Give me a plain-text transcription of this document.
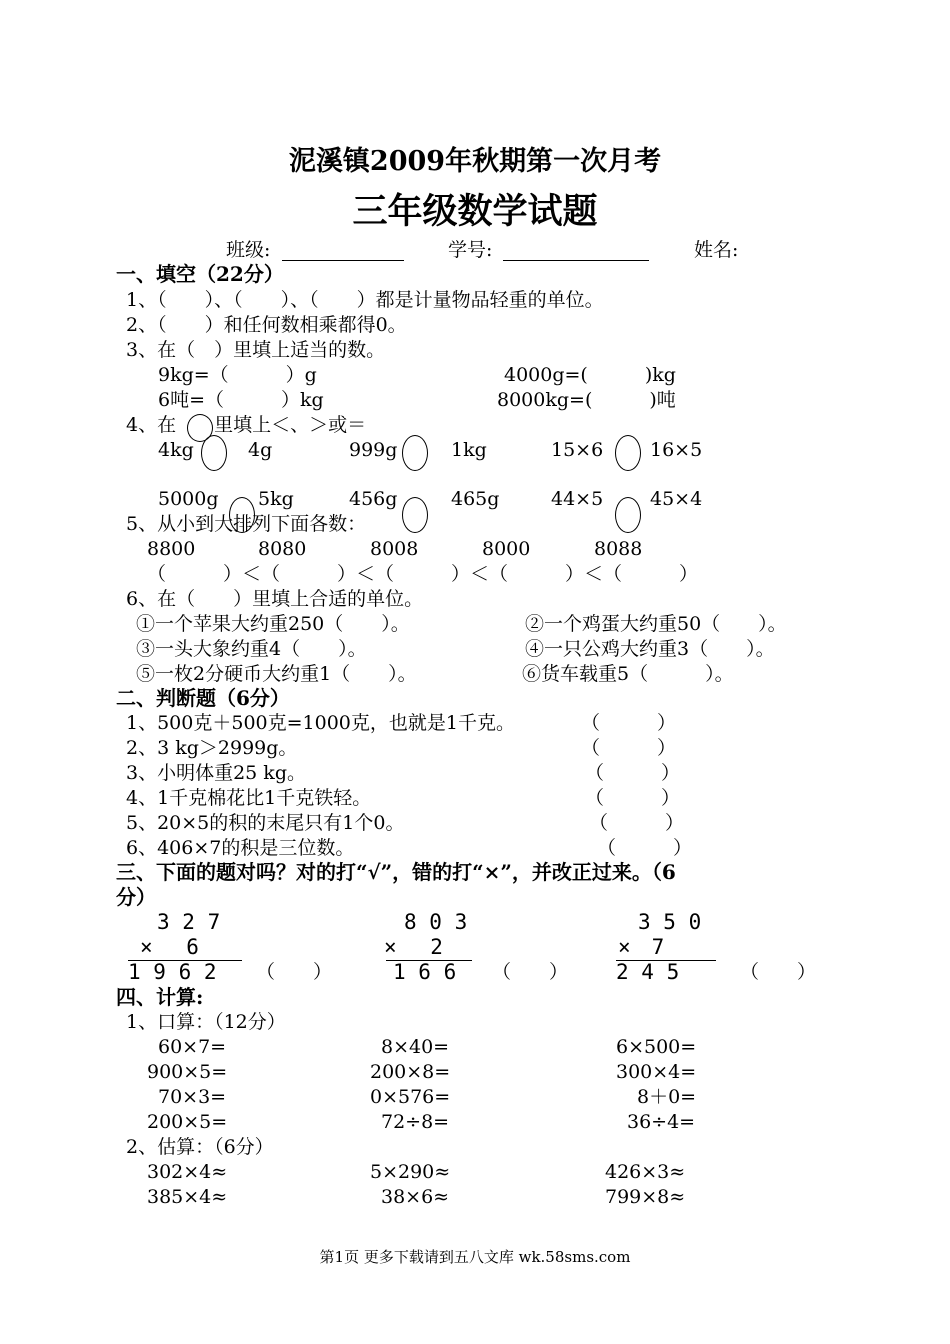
泥溪镇2009年秋期第一次月考
三年级数学试题
班级:	学号:	姓名:
一、填空（22分）
1、（　　）、（　　）、（　　）都是计量物品轻重的单位。
2、（　　）和任何数相乘都得0。
3、在（　）里填上适当的数。
9kg=（　　　）g	4000g=(　　　)kg
6吨=（　　　）kg	8000kg=(　　　)吨
4、在　　里填上＜、＞或＝
4kg	4g	999g	1kg	15×6 16×5
5000g 5kg	456g	465g	44×5 45×4
5、从小到大排列下面各数：
8800	8080	8008	8000	8088
（　　　）＜（　　　）＜（　　　）＜（　　　）＜（　　　）
6、在（　　）里填上合适的单位。
①一个苹果大约重250（　　）。	②一个鸡蛋大约重50（　　）。
③一头大象约重4（　　）。	④一只公鸡大约重3（　　）。
⑤一枚2分硬币大约重1（　　）。	⑥货车载重5（　　　）。
二、判断题（6分）
1、500克＋500克=1000克，也就是1千克。	（　　　）
2、3 kg＞2999g。	（　　　）
3、小明体重25 kg。	（　　　）
4、1千克棉花比1千克铁轻。	（　　　）
5、20×5的积的末尾只有1个0。	（　　　）
6、406×7的积是三位数。	（　　　）
三、下面的题对吗？对的打“√”，错的打“×”，并改正过来。（6
分）
3 2 7
×　 6
1 9 6 2 （　　）
8 0 3
×　 2
1 6 6 （　　）
3 5 0
×　7
2 4 5	（　　）
四、计算:
1、口算：（12分）
60×7=	8×40=	6×500=
900×5=	200×8=	300×4=
70×3=	0×576=	8＋0=
200×5=	72÷8=	36÷4=
2、估算：（6分）
302×4≈	5×290≈	426×3≈
385×4≈	38×6≈	799×8≈
第1页 更多下载请到五八文库 wk.58sms.com
